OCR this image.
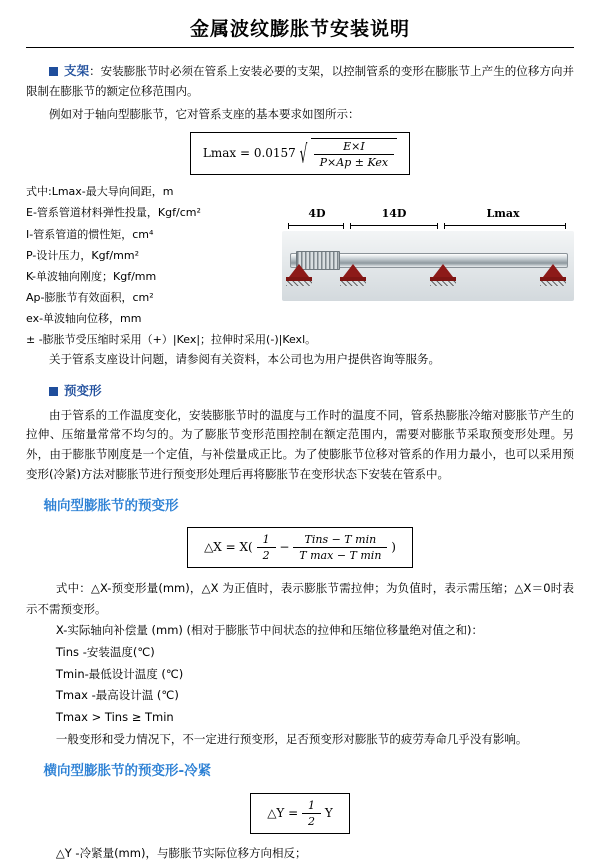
金属波纹膨胀节安装说明

支架：安装膨胀节时必须在管系上安装必要的支架，以控制管系的变形在膨胀节上产生的位移方向并限制在膨胀节的额定位移范围内。

例如对于轴向型膨胀节，它对管系支座的基本要求如图所示：

Lmax = 0.0157 √ $\frac{E\times I}{\text{P×Ap ± Kex}}$
式中:Lmax-最大导向间距，m
E-管系管道材料弹性投量，Kgf/cm²
I-管系管道的惯性矩，cm⁴
P-设计压力，Kgf/mm²
K-单波轴向刚度；Kgf/mm
Ap-膨胀节有效面积，cm²
ex-单波轴向位移，mm
± -膨胀节受压缩时采用（+）|Kex|；拉伸时采用(-)|Kexl。
4D	14D	Lmax

关于管系支座设计问题，请参阅有关资料，本公司也为用户提供咨询等服务。

预变形

由于管系的工作温度变化，安装膨胀节时的温度与工作时的温度不同，管系热膨胀冷缩对膨胀节产生的拉伸、压缩量常常不均匀的。为了膨胀节变形范围控制在额定范围内，需要对膨胀节采取预变形处理。另外，由于膨胀节刚度是一个定值，与补偿量成正比。为了使膨胀节位移对管系的作用力最小，也可以采用预变形(冷紧)方法对膨胀节进行预变形处理后再将膨胀节在变形状态下安装在管系中。

轴向型膨胀节的预变形

△X = $X( \frac{1}{2} - \frac{\text{Tins − T min}}{\text{T max − T min}}$ )

式中：△X-预变形量(mm)，△X 为正值时，表示膨胀节需拉伸；为负值时，表示需压缩；△X＝0时表示不需预变形。

X-实际轴向补偿量 (mm) (相对于膨胀节中间状态的拉伸和压缩位移量绝对值之和)：

Tins -安装温度(℃)

Tmin-最低设计温度 (℃)

Tmax -最高设计温 (℃)

Tmax > Tins ≥ Tmin

一般变形和受力情况下，不一定进行预变形，足否预变形对膨胀节的疲劳寿命几乎没有影响。

横向型膨胀节的预变形-冷紧

△Y = $\frac{1}{2}$ Y

△Y -冷紧量(mm)，与膨胀节实际位移方向相反；
